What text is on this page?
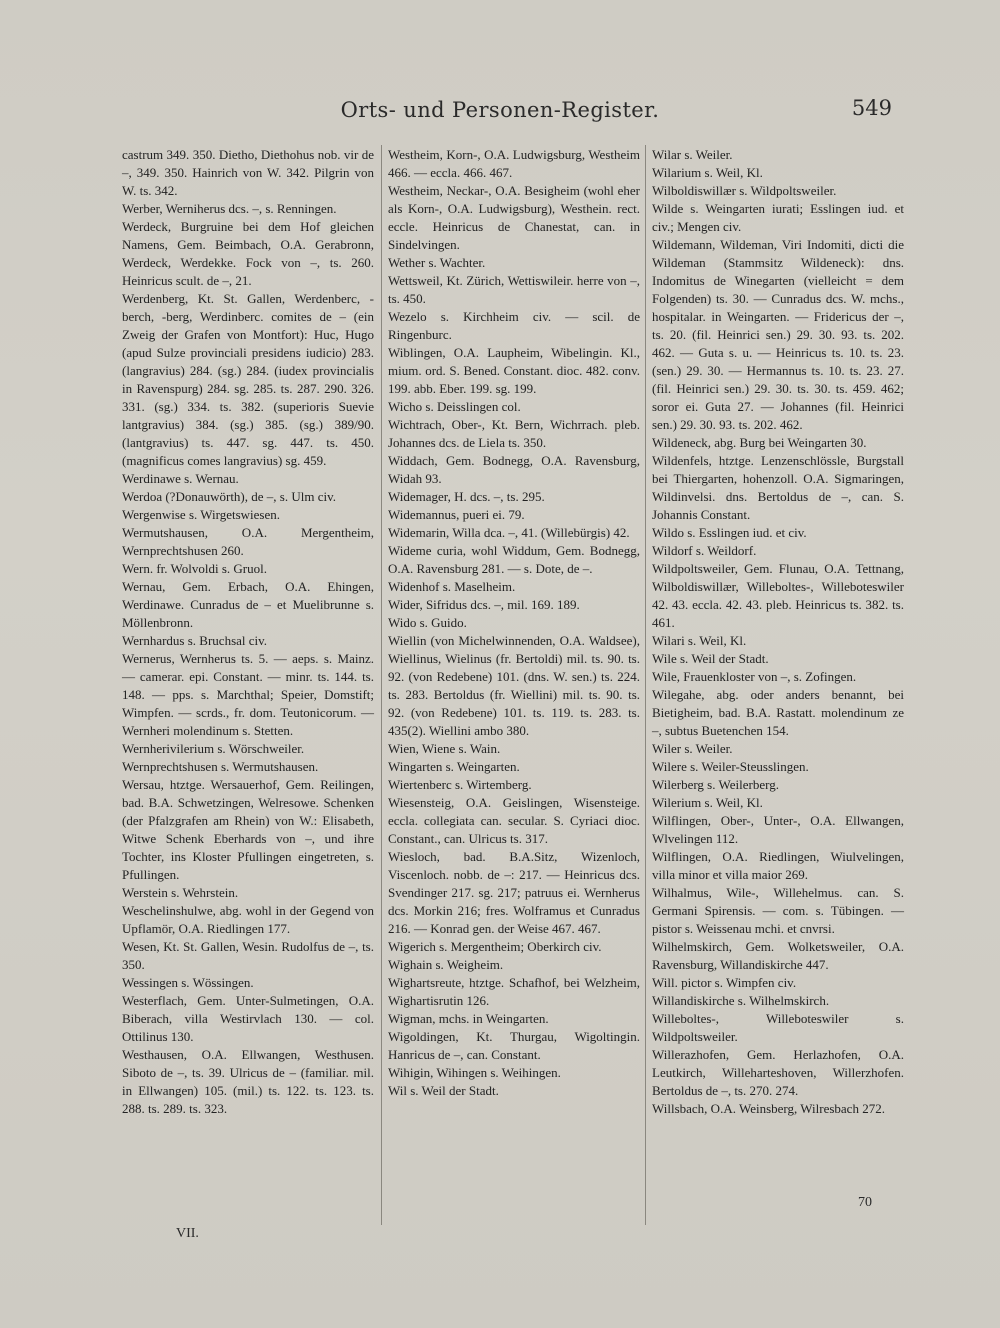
Orts- und Personen-Register.	549

castrum 349. 350. Dietho, Diethohus nob. vir de –, 349. 350. Hainrich von W. 342. Pilgrin von W. ts. 342.

Werber, Werniherus dcs. –, s. Renningen.

Werdeck, Burgruine bei dem Hof gleichen Namens, Gem. Beimbach, O.A. Gerabronn, Werdeck, Werdekke. Fock von –, ts. 260. Heinricus scult. de –, 21.

Werdenberg, Kt. St. Gallen, Werdenberc, -berch, -berg, Werdinberc. comites de – (ein Zweig der Grafen von Montfort): Huc, Hugo (apud Sulze provinciali presidens iudicio) 283. (langravius) 284. (sg.) 284. (iudex provincialis in Ravenspurg) 284. sg. 285. ts. 287. 290. 326. 331. (sg.) 334. ts. 382. (superioris Suevie lantgravius) 384. (sg.) 385. (sg.) 389/90. (lantgravius) ts. 447. sg. 447. ts. 450. (magnificus comes langravius) sg. 459.

Werdinawe s. Wernau.

Werdoa (?Donauwörth), de –, s. Ulm civ.

Wergenwise s. Wirgetswiesen.

Wermutshausen, O.A. Mergentheim, Wernprechtshusen 260.

Wern. fr. Wolvoldi s. Gruol.

Wernau, Gem. Erbach, O.A. Ehingen, Werdinawe. Cunradus de – et Muelibrunne s. Möllenbronn.

Wernhardus s. Bruchsal civ.

Wernerus, Wernherus ts. 5. — aeps. s. Mainz. — camerar. epi. Constant. — minr. ts. 144. ts. 148. — pps. s. Marchthal; Speier, Domstift; Wimpfen. — scrds., fr. dom. Teutonicorum. — Wernheri molendinum s. Stetten.

Wernherivilerium s. Wörschweiler.

Wernprechtshusen s. Wermutshausen.

Wersau, htztge. Wersauerhof, Gem. Reilingen, bad. B.A. Schwetzingen, Welresowe. Schenken (der Pfalzgrafen am Rhein) von W.: Elisabeth, Witwe Schenk Eberhards von –, und ihre Tochter, ins Kloster Pfullingen eingetreten, s. Pfullingen.

Werstein s. Wehrstein.

Weschelinshulwe, abg. wohl in der Gegend von Upflamör, O.A. Riedlingen 177.

Wesen, Kt. St. Gallen, Wesin. Rudolfus de –, ts. 350.

Wessingen s. Wössingen.

Westerflach, Gem. Unter-Sulmetingen, O.A. Biberach, villa Westirvlach 130. — col. Ottilinus 130.

Westhausen, O.A. Ellwangen, Westhusen. Siboto de –, ts. 39. Ulricus de – (familiar. mil. in Ellwangen) 105. (mil.) ts. 122. ts. 123. ts. 288. ts. 289. ts. 323.

Westheim, Korn-, O.A. Ludwigsburg, Westheim 466. — eccla. 466. 467.

Westheim, Neckar-, O.A. Besigheim (wohl eher als Korn-, O.A. Ludwigsburg), Westhein. rect. eccle. Heinricus de Chanestat, can. in Sindelvingen.

Wether s. Wachter.

Wettsweil, Kt. Zürich, Wettiswileir. herre von –, ts. 450.

Wezelo s. Kirchheim civ. — scil. de Ringenburc.

Wiblingen, O.A. Laupheim, Wibelingin. Kl., mium. ord. S. Bened. Constant. dioc. 482. conv. 199. abb. Eber. 199. sg. 199.

Wicho s. Deisslingen col.

Wichtrach, Ober-, Kt. Bern, Wichrrach. pleb. Johannes dcs. de Liela ts. 350.

Widdach, Gem. Bodnegg, O.A. Ravensburg, Widah 93.

Widemager, H. dcs. –, ts. 295.

Widemannus, pueri ei. 79.

Widemarin, Willa dca. –, 41. (Willebürgis) 42.

Wideme curia, wohl Widdum, Gem. Bodnegg, O.A. Ravensburg 281. — s. Dote, de –.

Widenhof s. Maselheim.

Wider, Sifridus dcs. –, mil. 169. 189.

Wido s. Guido.

Wiellin (von Michelwinnenden, O.A. Waldsee), Wiellinus, Wielinus (fr. Bertoldi) mil. ts. 90. ts. 92. (von Redebene) 101. (dns. W. sen.) ts. 224. ts. 283. Bertoldus (fr. Wiellini) mil. ts. 90. ts. 92. (von Redebene) 101. ts. 119. ts. 283. ts. 435(2). Wiellini ambo 380.

Wien, Wiene s. Wain.

Wingarten s. Weingarten.

Wiertenberc s. Wirtemberg.

Wiesensteig, O.A. Geislingen, Wisensteige. eccla. collegiata can. secular. S. Cyriaci dioc. Constant., can. Ulricus ts. 317.

Wiesloch, bad. B.A.Sitz, Wizenloch, Viscenloch. nobb. de –: 217. — Heinricus dcs. Svendinger 217. sg. 217; patruus ei. Wernherus dcs. Morkin 216; fres. Wolframus et Cunradus 216. — Konrad gen. der Weise 467. 467.

Wigerich s. Mergentheim; Oberkirch civ.

Wighain s. Weigheim.

Wighartsreute, htztge. Schafhof, bei Welzheim, Wighartisrutin 126.

Wigman, mchs. in Weingarten.

Wigoldingen, Kt. Thurgau, Wigoltingin. Hanricus de –, can. Constant.

Wihigin, Wihingen s. Weihingen.

Wil s. Weil der Stadt.

Wilar s. Weiler.

Wilarium s. Weil, Kl.

Wilboldiswillær s. Wildpoltsweiler.

Wilde s. Weingarten iurati; Esslingen iud. et civ.; Mengen civ.

Wildemann, Wildeman, Viri Indomiti, dicti die Wildeman (Stammsitz Wildeneck): dns. Indomitus de Winegarten (vielleicht = dem Folgenden) ts. 30. — Cunradus dcs. W. mchs., hospitalar. in Weingarten. — Fridericus der –, ts. 20. (fil. Heinrici sen.) 29. 30. 93. ts. 202. 462. — Guta s. u. — Heinricus ts. 10. ts. 23. (sen.) 29. 30. — Hermannus ts. 10. ts. 23. 27. (fil. Heinrici sen.) 29. 30. ts. 30. ts. 459. 462; soror ei. Guta 27. — Johannes (fil. Heinrici sen.) 29. 30. 93. ts. 202. 462.

Wildeneck, abg. Burg bei Weingarten 30.

Wildenfels, htztge. Lenzenschlössle, Burgstall bei Thiergarten, hohenzoll. O.A. Sigmaringen, Wildinvelsi. dns. Bertoldus de –, can. S. Johannis Constant.

Wildo s. Esslingen iud. et civ.

Wildorf s. Weildorf.

Wildpoltsweiler, Gem. Flunau, O.A. Tettnang, Wilboldiswillær, Willeboltes-, Willeboteswiler 42. 43. eccla. 42. 43. pleb. Heinricus ts. 382. ts. 461.

Wilari s. Weil, Kl.

Wile s. Weil der Stadt.

Wile, Frauenkloster von –, s. Zofingen.

Wilegahe, abg. oder anders benannt, bei Bietigheim, bad. B.A. Rastatt. molendinum ze –, subtus Buetenchen 154.

Wiler s. Weiler.

Wilere s. Weiler-Steusslingen.

Wilerberg s. Weilerberg.

Wilerium s. Weil, Kl.

Wilflingen, Ober-, Unter-, O.A. Ellwangen, Wlvelingen 112.

Wilflingen, O.A. Riedlingen, Wiulvelingen, villa minor et villa maior 269.

Wilhalmus, Wile-, Willehelmus. can. S. Germani Spirensis. — com. s. Tübingen. — pistor s. Weissenau mchi. et cnvrsi.

Wilhelmskirch, Gem. Wolketsweiler, O.A. Ravensburg, Willandiskirche 447.

Will. pictor s. Wimpfen civ.

Willandiskirche s. Wilhelmskirch.

Willeboltes-, Willeboteswiler s. Wildpoltsweiler.

Willerazhofen, Gem. Herlazhofen, O.A. Leutkirch, Willeharteshoven, Willerzhofen. Bertoldus de –, ts. 270. 274.

Willsbach, O.A. Weinsberg, Wilresbach 272.

VII.
70
